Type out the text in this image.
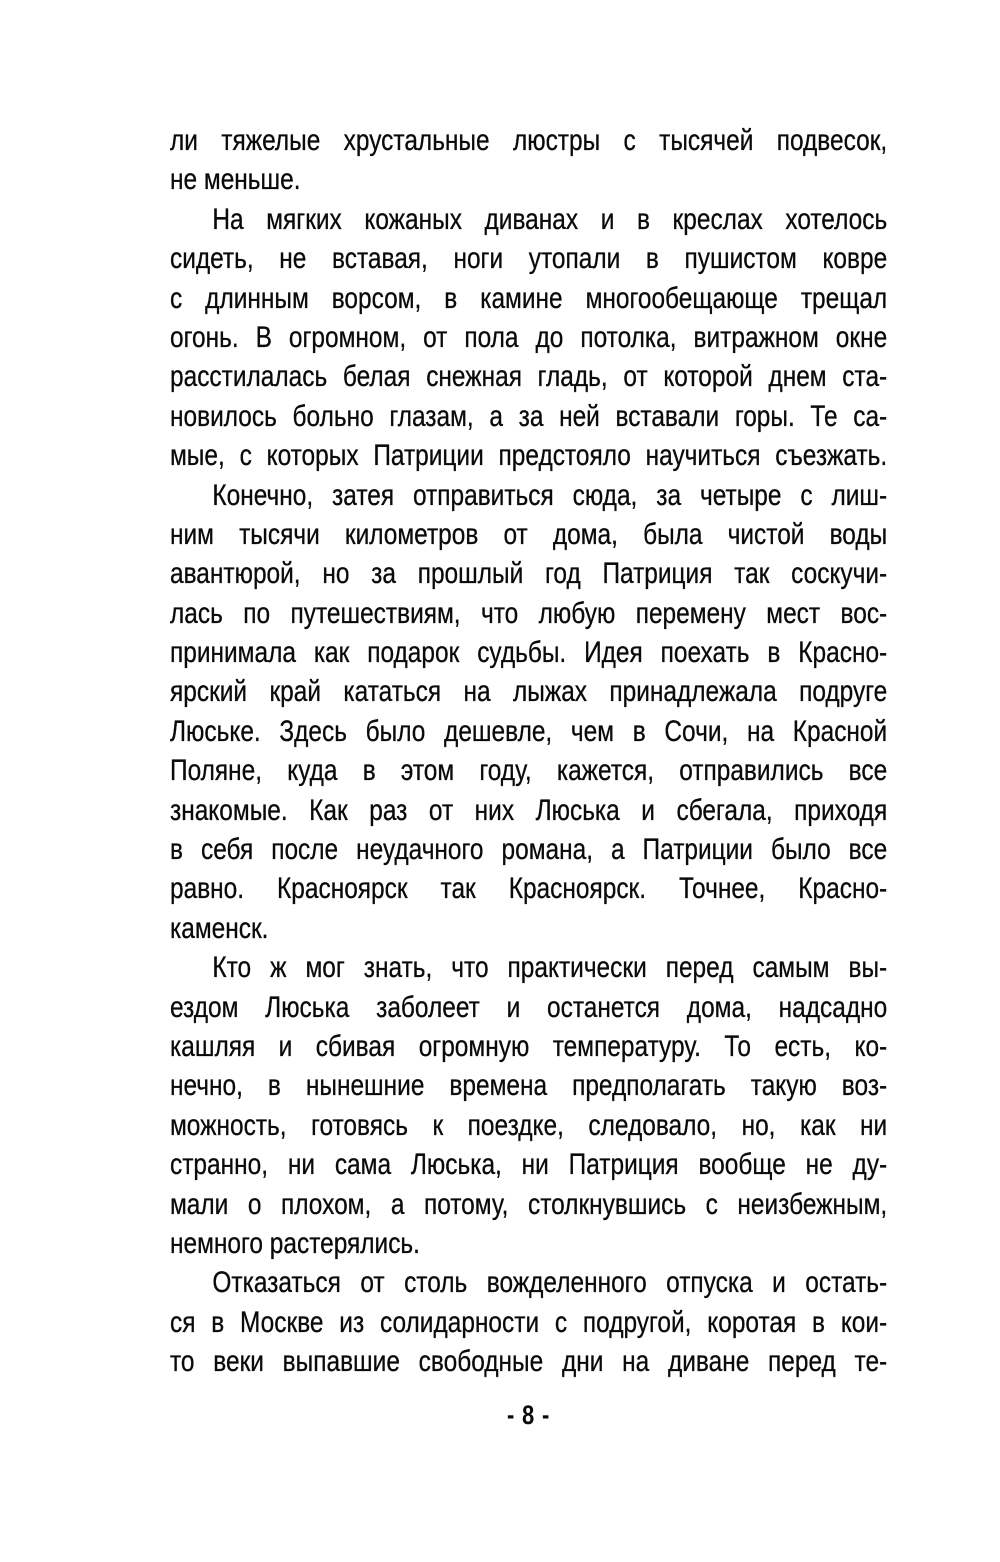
ли тяжелые хрустальные люстры с тысячей подвесок,
не меньше.
На мягких кожаных диванах и в креслах хотелось
сидеть, не вставая, ноги утопали в пушистом ковре
с длинным ворсом, в камине многообещающе трещал
огонь. В огромном, от пола до потолка, витражном окне
расстилалась белая снежная гладь, от которой днем ста-
новилось больно глазам, а за ней вставали горы. Те са-
мые, с которых Патриции предстояло научиться съезжать.
Конечно, затея отправиться сюда, за четыре с лиш-
ним тысячи километров от дома, была чистой воды
авантюрой, но за прошлый год Патриция так соскучи-
лась по путешествиям, что любую перемену мест вос-
принимала как подарок судьбы. Идея поехать в Красно-
ярский край кататься на лыжах принадлежала подруге
Люське. Здесь было дешевле, чем в Сочи, на Красной
Поляне, куда в этом году, кажется, отправились все
знакомые. Как раз от них Люська и сбегала, приходя
в себя после неудачного романа, а Патриции было все
равно. Красноярск так Красноярск. Точнее, Красно-
каменск.
Кто ж мог знать, что практически перед самым вы-
ездом Люська заболеет и останется дома, надсадно
кашляя и сбивая огромную температуру. То есть, ко-
нечно, в нынешние времена предполагать такую воз-
можность, готовясь к поездке, следовало, но, как ни
странно, ни сама Люська, ни Патриция вообще не ду-
мали о плохом, а потому, столкнувшись с неизбежным,
немного растерялись.
Отказаться от столь вожделенного отпуска и остать-
ся в Москве из солидарности с подругой, коротая в кои-
то веки выпавшие свободные дни на диване перед те-
- 8 -
